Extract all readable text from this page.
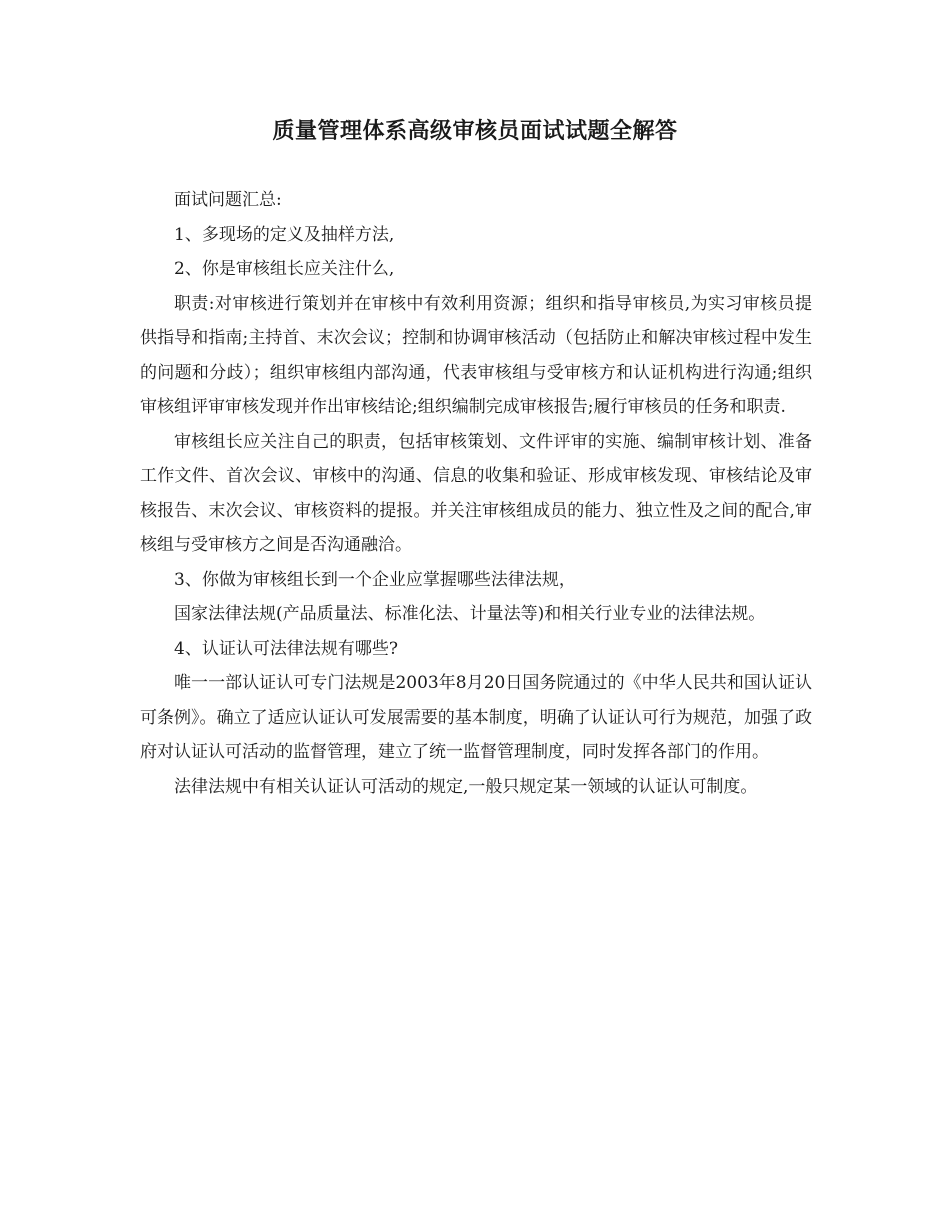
质量管理体系高级审核员面试试题全解答

面试问题汇总:

1、多现场的定义及抽样方法,

2、你是审核组长应关注什么,

职责:对审核进行策划并在审核中有效利用资源；组织和指导审核员,为实习审核员提供指导和指南;主持首、末次会议；控制和协调审核活动（包括防止和解决审核过程中发生的问题和分歧）；组织审核组内部沟通，代表审核组与受审核方和认证机构进行沟通;组织审核组评审审核发现并作出审核结论;组织编制完成审核报告;履行审核员的任务和职责.

审核组长应关注自己的职责，包括审核策划、文件评审的实施、编制审核计划、准备工作文件、首次会议、审核中的沟通、信息的收集和验证、形成审核发现、审核结论及审核报告、末次会议、审核资料的提报。并关注审核组成员的能力、独立性及之间的配合,审核组与受审核方之间是否沟通融洽。

3、你做为审核组长到一个企业应掌握哪些法律法规，

国家法律法规(产品质量法、标准化法、计量法等)和相关行业专业的法律法规。

4、认证认可法律法规有哪些?

唯一一部认证认可专门法规是2003年8月20日国务院通过的《中华人民共和国认证认可条例》。确立了适应认证认可发展需要的基本制度，明确了认证认可行为规范，加强了政府对认证认可活动的监督管理，建立了统一监督管理制度，同时发挥各部门的作用。

法律法规中有相关认证认可活动的规定,一般只规定某一领域的认证认可制度。
